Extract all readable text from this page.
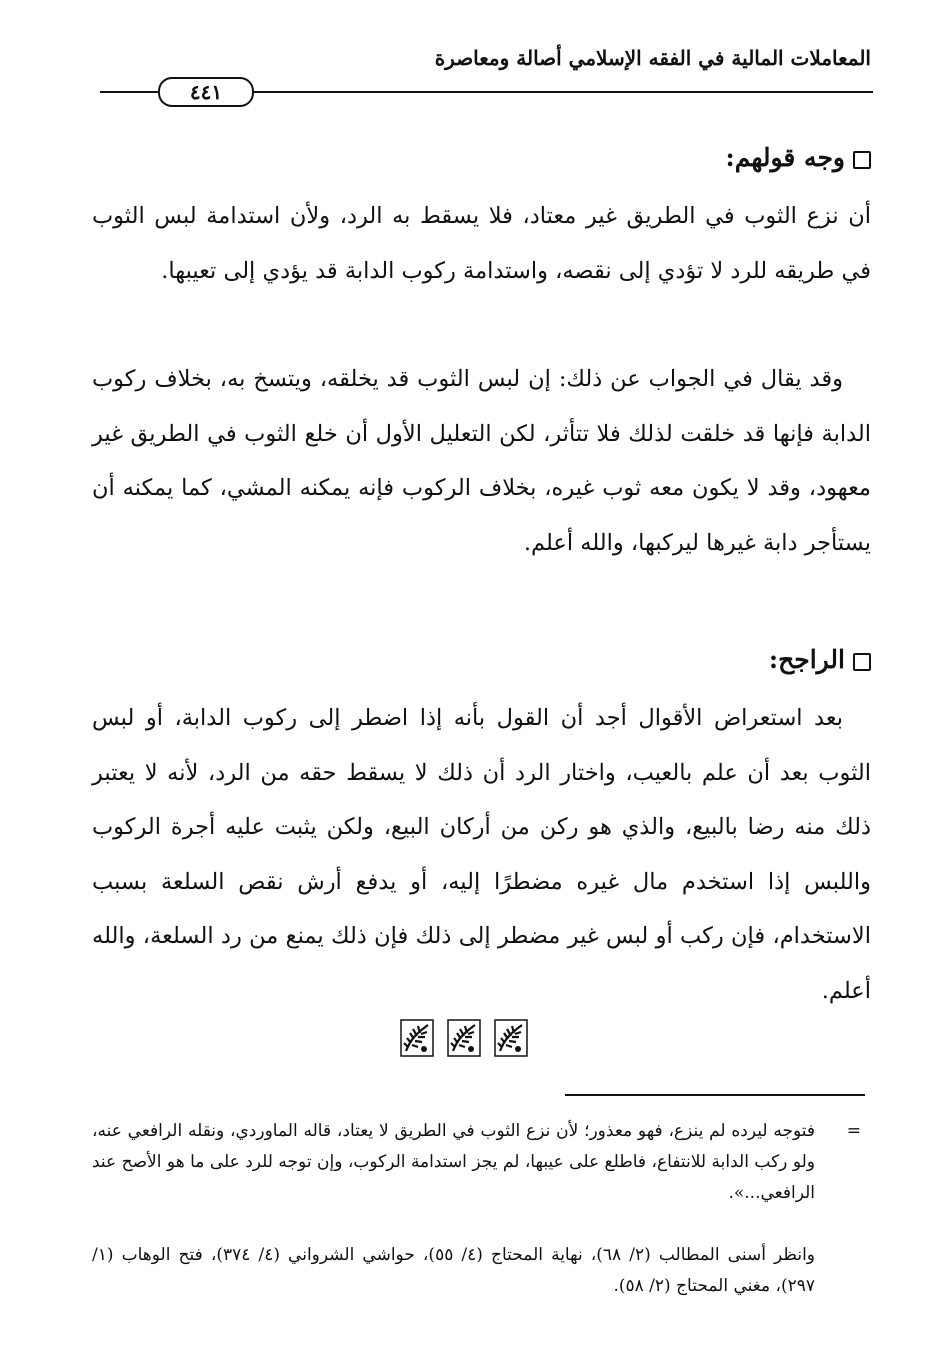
المعاملات المالية في الفقه الإسلامي أصالة ومعاصرة
٤٤١
وجه قولهم:

أن نزع الثوب في الطريق غير معتاد، فلا يسقط به الرد، ولأن استدامة لبس الثوب في طريقه للرد لا تؤدي إلى نقصه، واستدامة ركوب الدابة قد يؤدي إلى تعيبها.

وقد يقال في الجواب عن ذلك: إن لبس الثوب قد يخلقه، ويتسخ به، بخلاف ركوب الدابة فإنها قد خلقت لذلك فلا تتأثر، لكن التعليل الأول أن خلع الثوب في الطريق غير معهود، وقد لا يكون معه ثوب غيره، بخلاف الركوب فإنه يمكنه المشي، كما يمكنه أن يستأجر دابة غيرها ليركبها، والله أعلم.

الراجح:

بعد استعراض الأقوال أجد أن القول بأنه إذا اضطر إلى ركوب الدابة، أو لبس الثوب بعد أن علم بالعيب، واختار الرد أن ذلك لا يسقط حقه من الرد، لأنه لا يعتبر ذلك منه رضا بالبيع، والذي هو ركن من أركان البيع، ولكن يثبت عليه أجرة الركوب واللبس إذا استخدم مال غيره مضطرًا إليه، أو يدفع أرش نقص السلعة بسبب الاستخدام، فإن ركب أو لبس غير مضطر إلى ذلك فإن ذلك يمنع من رد السلعة، والله أعلم.

=

فتوجه ليرده لم ينزع، فهو معذور؛ لأن نزع الثوب في الطريق لا يعتاد، قاله الماوردي، ونقله الرافعي عنه، ولو ركب الدابة للانتفاع، فاطلع على عيبها، لم يجز استدامة الركوب، وإن توجه للرد على ما هو الأصح عند الرافعي...».

وانظر أسنى المطالب (٢/ ٦٨)، نهاية المحتاج (٤/ ٥٥)، حواشي الشرواني (٤/ ٣٧٤)، فتح الوهاب (١/ ٢٩٧)، مغني المحتاج (٢/ ٥٨).
